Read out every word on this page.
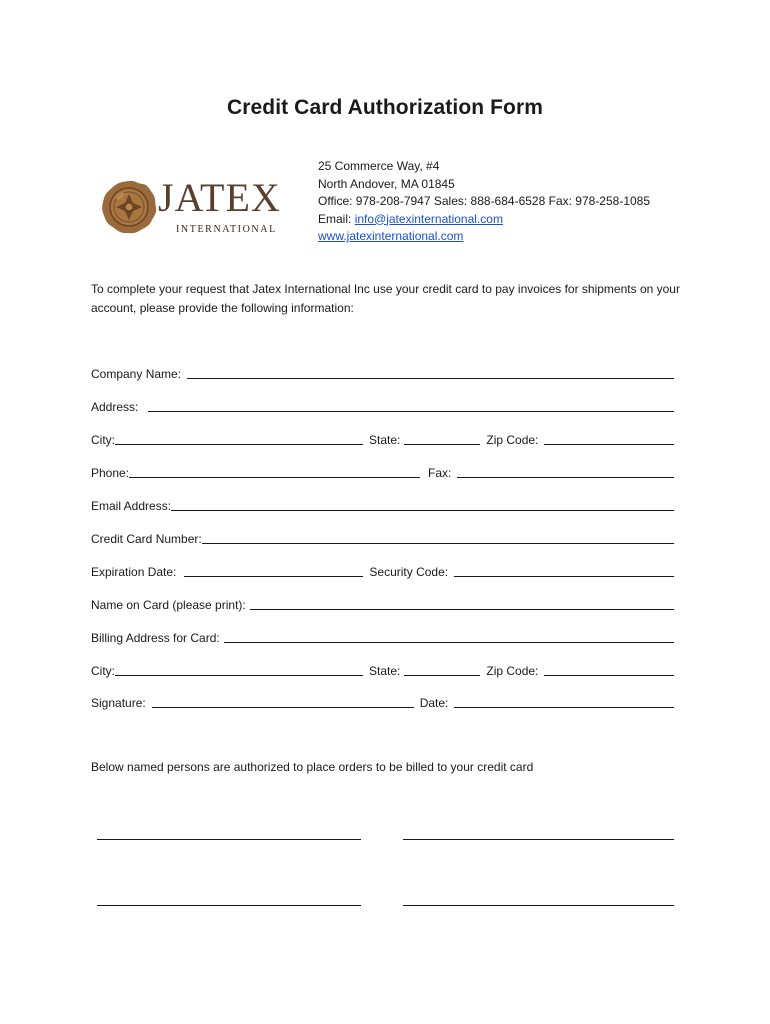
Credit Card Authorization Form
JATEX
INTERNATIONAL
25 Commerce Way, #4
North Andover, MA 01845
Office: 978-208-7947 Sales: 888-684-6528 Fax: 978-258-1085
Email: info@jatexinternational.com
www.jatexinternational.com
To complete your request that Jatex International Inc use your credit card to pay invoices for shipments on your account, please provide the following information:
Company Name:
Address:
City:	State:	Zip Code:
Phone:	Fax:
Email Address:
Credit Card Number:
Expiration Date:	Security Code:
Name on Card (please print):
Billing Address for Card:
City:	State:	Zip Code:
Signature:	Date:
Below named persons are authorized to place orders to be billed to your credit card
